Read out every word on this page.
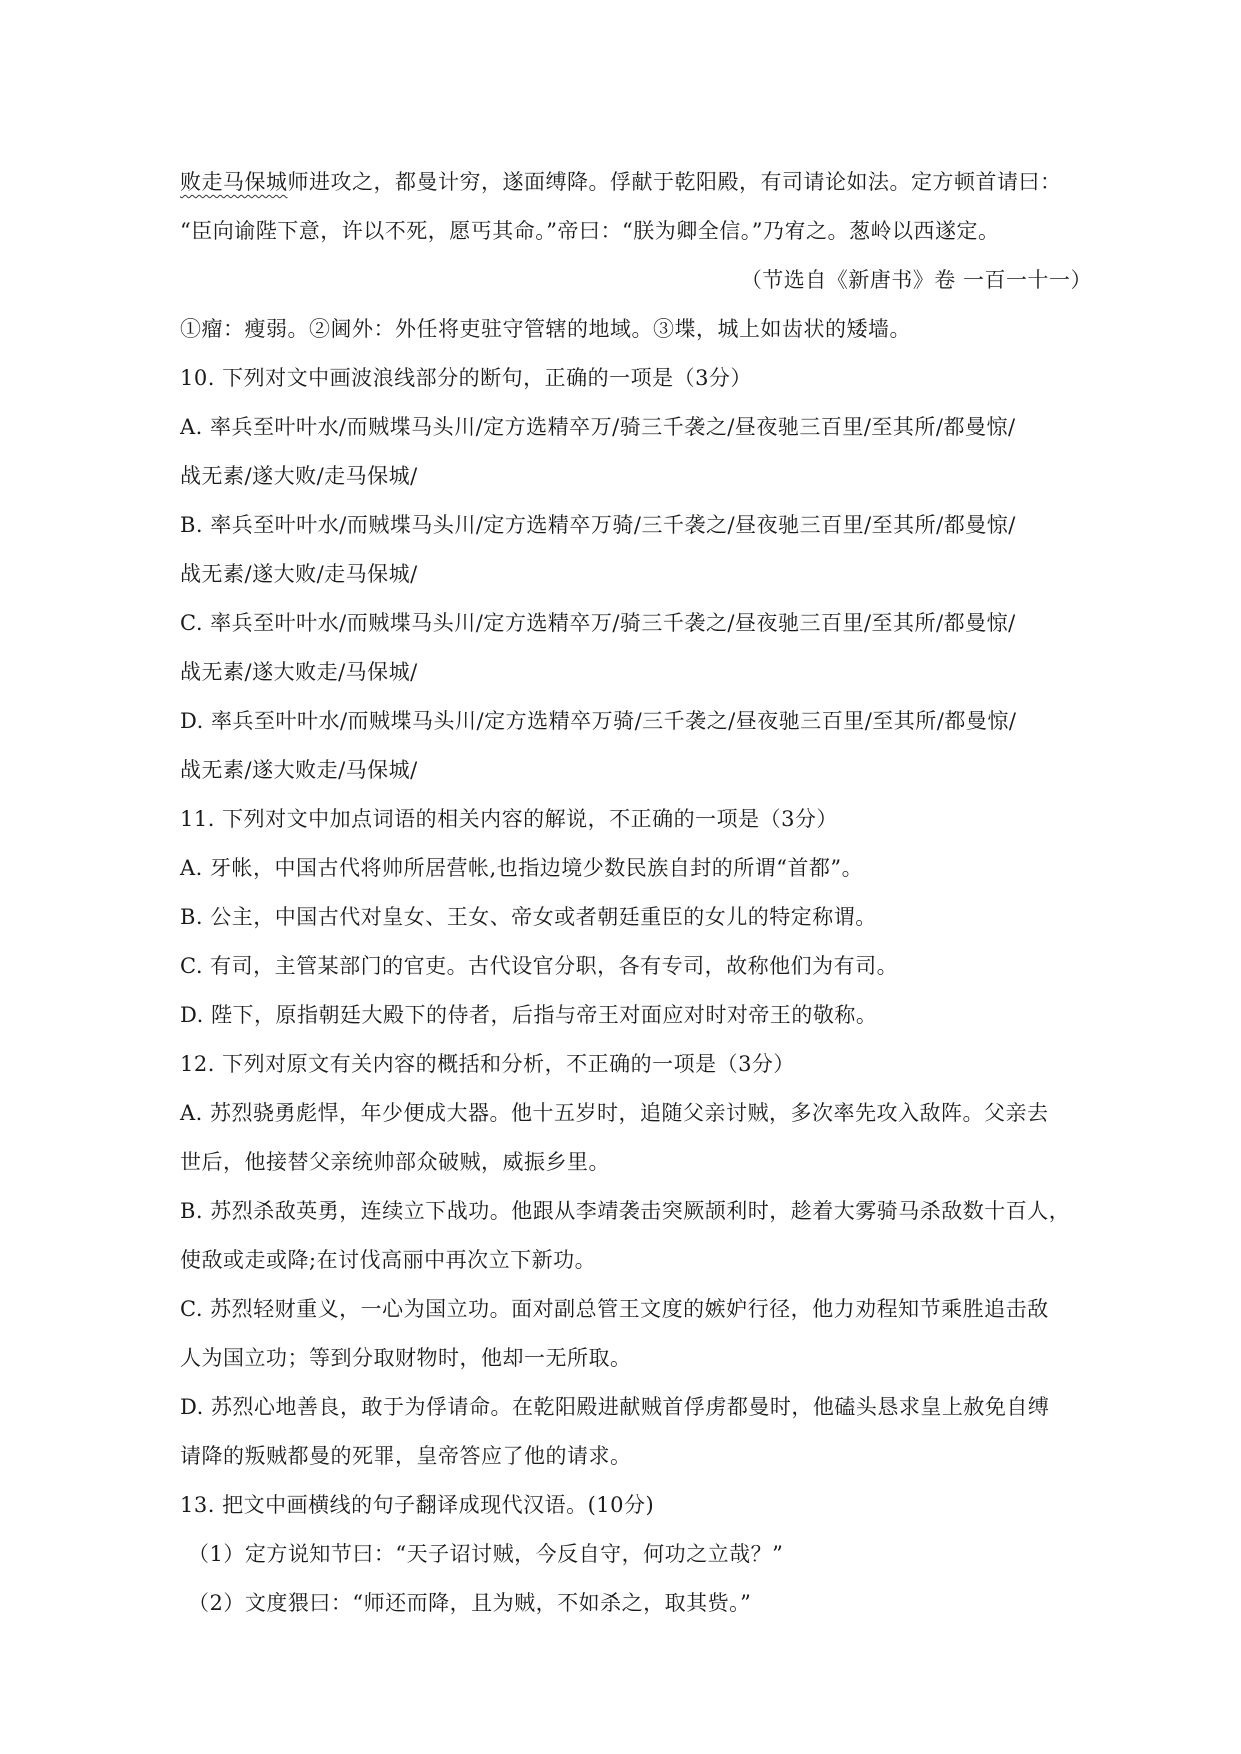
败走马保城师进攻之，都曼计穷，遂面缚降。俘献于乾阳殿，有司请论如法。定方顿首请曰：
“臣向谕陛下意，许以不死，愿丐其命。”帝曰：“朕为卿全信。”乃宥之。葱岭以西遂定。
（节选自《新唐书》卷 一百一十一）
①瘤：瘦弱。②阃外：外任将吏驻守管辖的地域。③堞，城上如齿状的矮墙。
10. 下列对文中画波浪线部分的断句，正确的一项是（3分）
A. 率兵至叶叶水/而贼堞马头川/定方选精卒万/骑三千袭之/昼夜驰三百里/至其所/都曼惊/
战无素/遂大败/走马保城/
B. 率兵至叶叶水/而贼堞马头川/定方选精卒万骑/三千袭之/昼夜驰三百里/至其所/都曼惊/
战无素/遂大败/走马保城/
C. 率兵至叶叶水/而贼堞马头川/定方选精卒万/骑三千袭之/昼夜驰三百里/至其所/都曼惊/
战无素/遂大败走/马保城/
D. 率兵至叶叶水/而贼堞马头川/定方选精卒万骑/三千袭之/昼夜驰三百里/至其所/都曼惊/
战无素/遂大败走/马保城/
11. 下列对文中加点词语的相关内容的解说，不正确的一项是（3分）
A. 牙帐，中国古代将帅所居营帐,也指边境少数民族自封的所谓“首都”。
B. 公主，中国古代对皇女、王女、帝女或者朝廷重臣的女儿的特定称谓。
C. 有司，主管某部门的官吏。古代设官分职，各有专司，故称他们为有司。
D. 陛下，原指朝廷大殿下的侍者，后指与帝王对面应对时对帝王的敬称。
12. 下列对原文有关内容的概括和分析，不正确的一项是（3分）
A. 苏烈骁勇彪悍，年少便成大器。他十五岁时，追随父亲讨贼，多次率先攻入敌阵。父亲去
世后，他接替父亲统帅部众破贼，威振乡里。
B. 苏烈杀敌英勇，连续立下战功。他跟从李靖袭击突厥颉利时，趁着大雾骑马杀敌数十百人，
使敌或走或降;在讨伐高丽中再次立下新功。
C. 苏烈轻财重义，一心为国立功。面对副总管王文度的嫉妒行径，他力劝程知节乘胜追击敌
人为国立功；等到分取财物时，他却一无所取。
D. 苏烈心地善良，敢于为俘请命。在乾阳殿进献贼首俘虏都曼时，他磕头恳求皇上赦免自缚
请降的叛贼都曼的死罪，皇帝答应了他的请求。
13. 把文中画横线的句子翻译成现代汉语。(10分)
（1）定方说知节曰：“天子诏讨贼，今反自守，何功之立哉？”
（2）文度猥曰：“师还而降，且为贼，不如杀之，取其赀。”
